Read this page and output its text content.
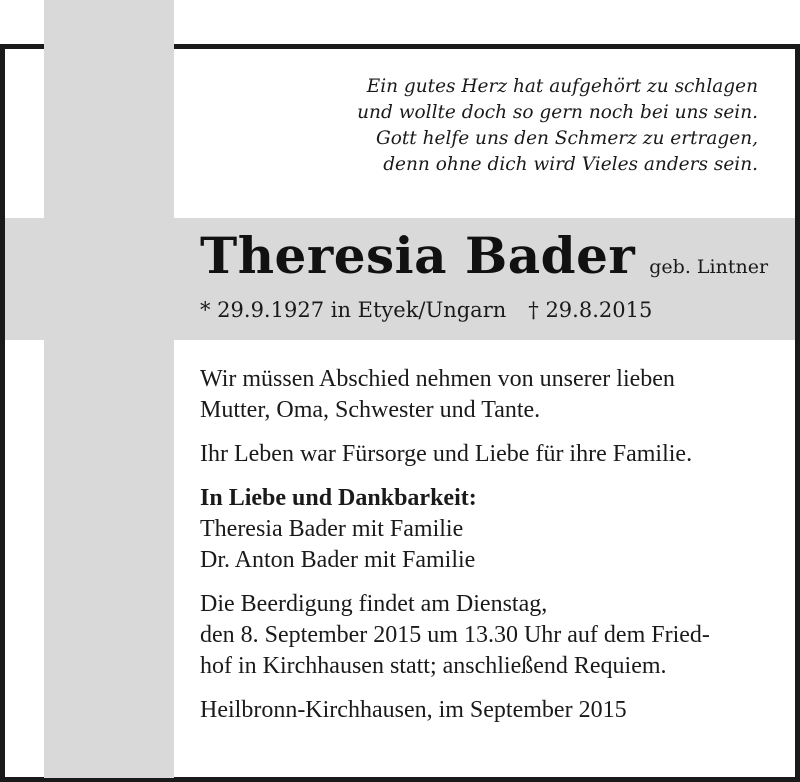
Ein gutes Herz hat aufgehört zu schlagen
und wollte doch so gern noch bei uns sein.
Gott helfe uns den Schmerz zu ertragen,
denn ohne dich wird Vieles anders sein.
Theresia Bader geb. Lintner
* 29.9.1927 in Etyek/Ungarn † 29.8.2015

Wir müssen Abschied nehmen von unserer lieben
Mutter, Oma, Schwester und Tante.

Ihr Leben war Fürsorge und Liebe für ihre Familie.

In Liebe und Dankbarkeit:
Theresia Bader mit Familie
Dr. Anton Bader mit Familie

Die Beerdigung findet am Dienstag,
den 8. September 2015 um 13.30 Uhr auf dem Fried-
hof in Kirchhausen statt; anschließend Requiem.

Heilbronn-Kirchhausen, im September 2015
